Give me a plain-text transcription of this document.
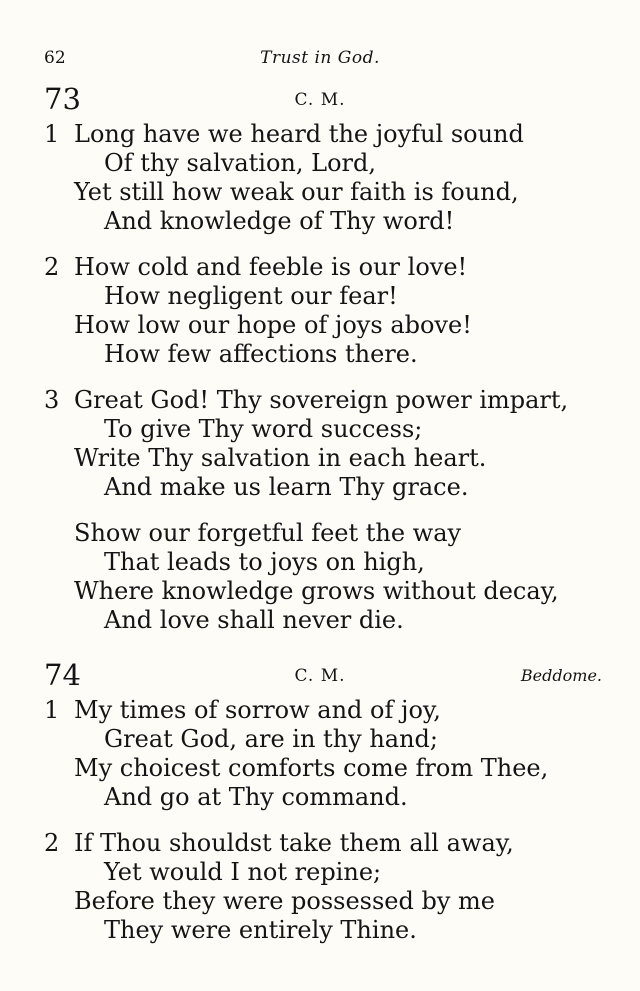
62	Trust in God.
73	C. M.
1 Long have we heard the joyful sound
Of thy salvation, Lord,
Yet still how weak our faith is found,
And knowledge of Thy word!
2 How cold and feeble is our love!
How negligent our fear!
How low our hope of joys above!
How few affections there.
3 Great God! Thy sovereign power impart,
To give Thy word success;
Write Thy salvation in each heart.
And make us learn Thy grace.
Show our forgetful feet the way
That leads to joys on high,
Where knowledge grows without decay,
And love shall never die.
74	C. M.	Beddome.
1 My times of sorrow and of joy,
Great God, are in thy hand;
My choicest comforts come from Thee,
And go at Thy command.
2 If Thou shouldst take them all away,
Yet would I not repine;
Before they were possessed by me
They were entirely Thine.
